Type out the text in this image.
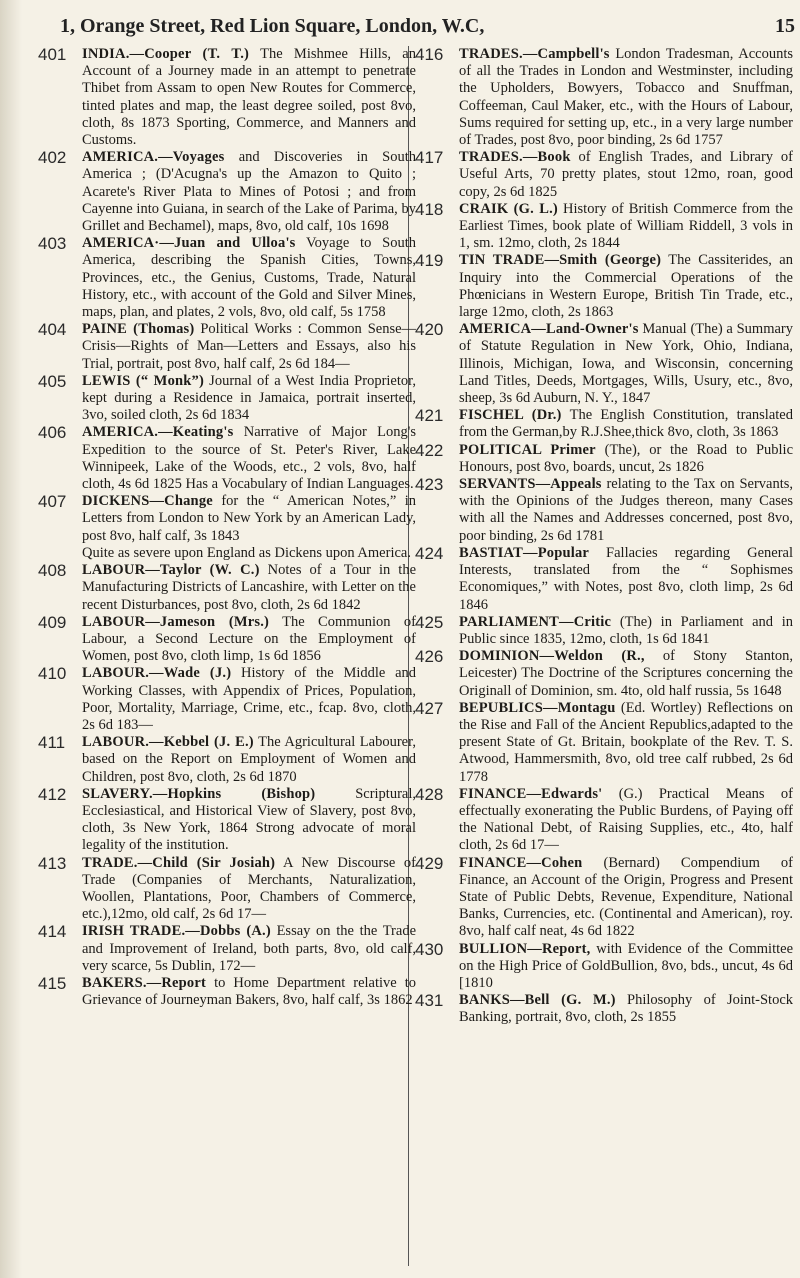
1, Orange Street, Red Lion Square, London, W.C,	15
401	INDIA.—Cooper (T. T.) The Mishmee Hills, an Account of a Journey made in an attempt to penetrate Thibet from Assam to open New Routes for Commerce, tinted plates and map, the least degree soiled, post 8vo, cloth, 8s 1873 Sporting, Commerce, and Manners and Customs.
402	AMERICA.—Voyages and Discoveries in South America ; (D'Acugna's up the Amazon to Quito ; Acarete's River Plata to Mines of Potosi ; and from Cayenne into Guiana, in search of the Lake of Parima, by Grillet and Bechamel), maps, 8vo, old calf, 10s 1698
403	AMERICA·—Juan and Ulloa's Voyage to South America, describing the Spanish Cities, Towns, Provinces, etc., the Genius, Customs, Trade, Natural History, etc., with account of the Gold and Silver Mines, maps, plan, and plates, 2 vols, 8vo, old calf, 5s 1758
404	PAINE (Thomas) Political Works : Common Sense—Crisis—Rights of Man—Letters and Essays, also his Trial, portrait, post 8vo, half calf, 2s 6d 184—
405	LEWIS (“ Monk”) Journal of a West India Proprietor, kept during a Residence in Jamaica, portrait inserted, 3vo, soiled cloth, 2s 6d 1834
406	AMERICA.—Keating's Narrative of Major Long's Expedition to the source of St. Peter's River, Lake Winnipeek, Lake of the Woods, etc., 2 vols, 8vo, half cloth, 4s 6d 1825 Has a Vocabulary of Indian Languages.
407	DICKENS—Change for the “ American Notes,” in Letters from London to New York by an American Lady, post 8vo, half calf, 3s 1843
Quite as severe upon England as Dickens upon America.
408	LABOUR—Taylor (W. C.) Notes of a Tour in the Manufacturing Districts of Lancashire, with Letter on the recent Disturbances, post 8vo, cloth, 2s 6d 1842
409	LABOUR—Jameson (Mrs.) The Communion of Labour, a Second Lecture on the Employment of Women, post 8vo, cloth limp, 1s 6d 1856
410	LABOUR.—Wade (J.) History of the Middle and Working Classes, with Appendix of Prices, Population, Poor, Mortality, Marriage, Crime, etc., fcap. 8vo, cloth, 2s 6d 183—
411	LABOUR.—Kebbel (J. E.) The Agricultural Labourer, based on the Report on Employment of Women and Children, post 8vo, cloth, 2s 6d 1870
412	SLAVERY.—Hopkins (Bishop)	Scriptural, Ecclesiastical, and Historical View of Slavery, post 8vo, cloth, 3s New York, 1864 Strong advocate of moral legality of the institution.
413	TRADE.—Child (Sir Josiah) A New Discourse of Trade (Companies of Merchants, Naturalization, Woollen, Plantations, Poor, Chambers of Commerce, etc.),12mo, old calf, 2s 6d 17—
414	IRISH TRADE.—Dobbs (A.) Essay on the the Trade and Improvement of Ireland, both parts, 8vo, old calf, very scarce, 5s Dublin, 172—
415	BAKERS.—Report to Home Department relative to Grievance of Journeyman Bakers, 8vo, half calf, 3s 1862
416	TRADES.—Campbell's London Tradesman, Accounts of all the Trades in London and Westminster, including the Upholders, Bowyers, Tobacco and Snuffman, Coffeeman, Caul Maker, etc., with the Hours of Labour, Sums required for setting up, etc., in a very large number of Trades, post 8vo, poor binding, 2s 6d 1757
417	TRADES.—Book of English Trades, and Library of Useful Arts, 70 pretty plates, stout 12mo, roan, good copy, 2s 6d 1825
418	CRAIK (G. L.) History of British Commerce from the Earliest Times, book plate of William Riddell, 3 vols in 1, sm. 12mo, cloth, 2s 1844
419	TIN TRADE—Smith (George) The Cassiterides, an Inquiry into the Commercial Operations of the Phœnicians in Western Europe, British Tin Trade, etc., large 12mo, cloth, 2s 1863
420	AMERICA—Land-Owner's Manual (The) a Summary of Statute Regulation in New York, Ohio, Indiana, Illinois, Michigan, Iowa, and Wisconsin, concerning Land Titles, Deeds, Mortgages, Wills, Usury, etc., 8vo, sheep, 3s 6d Auburn, N. Y., 1847
421	FISCHEL (Dr.) The English Constitution, translated from the German,by R.J.Shee,thick 8vo, cloth, 3s 1863
422	POLITICAL Primer (The), or the Road to Public Honours, post 8vo, boards, uncut, 2s 1826
423	SERVANTS—Appeals relating to the Tax on Servants, with the Opinions of the Judges thereon, many Cases with all the Names and Addresses concerned, post 8vo, poor binding, 2s 6d 1781
424	BASTIAT—Popular Fallacies regarding General Interests, translated from the “ Sophismes Economiques,” with Notes, post 8vo, cloth limp, 2s 6d 1846
425	PARLIAMENT—Critic (The) in Parliament and in Public since 1835, 12mo, cloth, 1s 6d 1841
426	DOMINION—Weldon (R., of Stony Stanton, Leicester) The Doctrine of the Scriptures concerning the Originall of Dominion, sm. 4to, old half russia, 5s 1648
427	BEPUBLICS—Montagu (Ed. Wortley) Reflections on the Rise and Fall of the Ancient Republics,adapted to the present State of Gt. Britain, bookplate of the Rev. T. S. Atwood, Hammersmith, 8vo, old tree calf rubbed, 2s 6d 1778
428	FINANCE—Edwards' (G.) Practical Means of effectually exonerating the Public Burdens, of Paying off the National Debt, of Raising Supplies, etc., 4to, half cloth, 2s 6d 17—
429	FINANCE—Cohen (Bernard) Compendium of Finance, an Account of the Origin, Progress and Present State of Public Debts, Revenue, Expenditure, National Banks, Currencies, etc. (Continental and American), roy. 8vo, half calf neat, 4s 6d 1822
430	BULLION—Report, with Evidence of the Committee on the High Price of GoldBullion, 8vo, bds., uncut, 4s 6d [1810
431	BANKS—Bell (G. M.) Philosophy of Joint-Stock Banking, portrait, 8vo, cloth, 2s 1855
